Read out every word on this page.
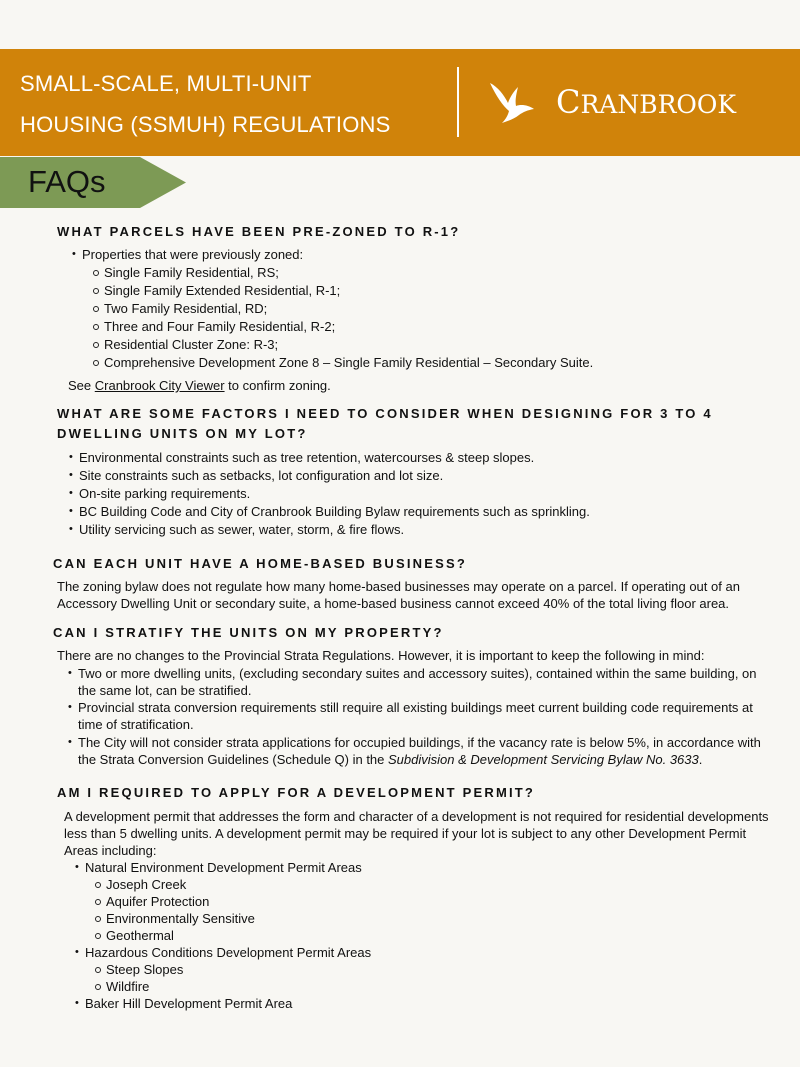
SMALL-SCALE, MULTI-UNIT
HOUSING (SSMUH) REGULATIONS
CRANBROOK
FAQs
WHAT PARCELS HAVE BEEN PRE-ZONED TO R-1?
• Properties that were previously zoned:
Single Family Residential, RS;
Single Family Extended Residential, R-1;
Two Family Residential, RD;
Three and Four Family Residential, R-2;
Residential Cluster Zone: R-3;
Comprehensive Development Zone 8 – Single Family Residential – Secondary Suite.
See Cranbrook City Viewer to confirm zoning.
WHAT ARE SOME FACTORS I NEED TO CONSIDER WHEN DESIGNING FOR 3 TO 4
DWELLING UNITS ON MY LOT?
• Environmental constraints such as tree retention, watercourses & steep slopes.
• Site constraints such as setbacks, lot configuration and lot size.
• On-site parking requirements.
• BC Building Code and City of Cranbrook Building Bylaw requirements such as sprinkling.
• Utility servicing such as sewer, water, storm, & fire flows.
CAN EACH UNIT HAVE A HOME-BASED BUSINESS?
The zoning bylaw does not regulate how many home-based businesses may operate on a parcel. If operating out of an
Accessory Dwelling Unit or secondary suite, a home-based business cannot exceed 40% of the total living floor area.
CAN I STRATIFY THE UNITS ON MY PROPERTY?
There are no changes to the Provincial Strata Regulations. However, it is important to keep the following in mind:
• Two or more dwelling units, (excluding secondary suites and accessory suites), contained within the same building, on
the same lot, can be stratified.
• Provincial strata conversion requirements still require all existing buildings meet current building code requirements at
time of stratification.
• The City will not consider strata applications for occupied buildings, if the vacancy rate is below 5%, in accordance with
the Strata Conversion Guidelines (Schedule Q) in the Subdivision & Development Servicing Bylaw No. 3633.
AM I REQUIRED TO APPLY FOR A DEVELOPMENT PERMIT?
A development permit that addresses the form and character of a development is not required for residential developments
less than 5 dwelling units. A development permit may be required if your lot is subject to any other Development Permit
Areas including:
• Natural Environment Development Permit Areas
Joseph Creek
Aquifer Protection
Environmentally Sensitive
Geothermal
• Hazardous Conditions Development Permit Areas
Steep Slopes
Wildfire
• Baker Hill Development Permit Area
